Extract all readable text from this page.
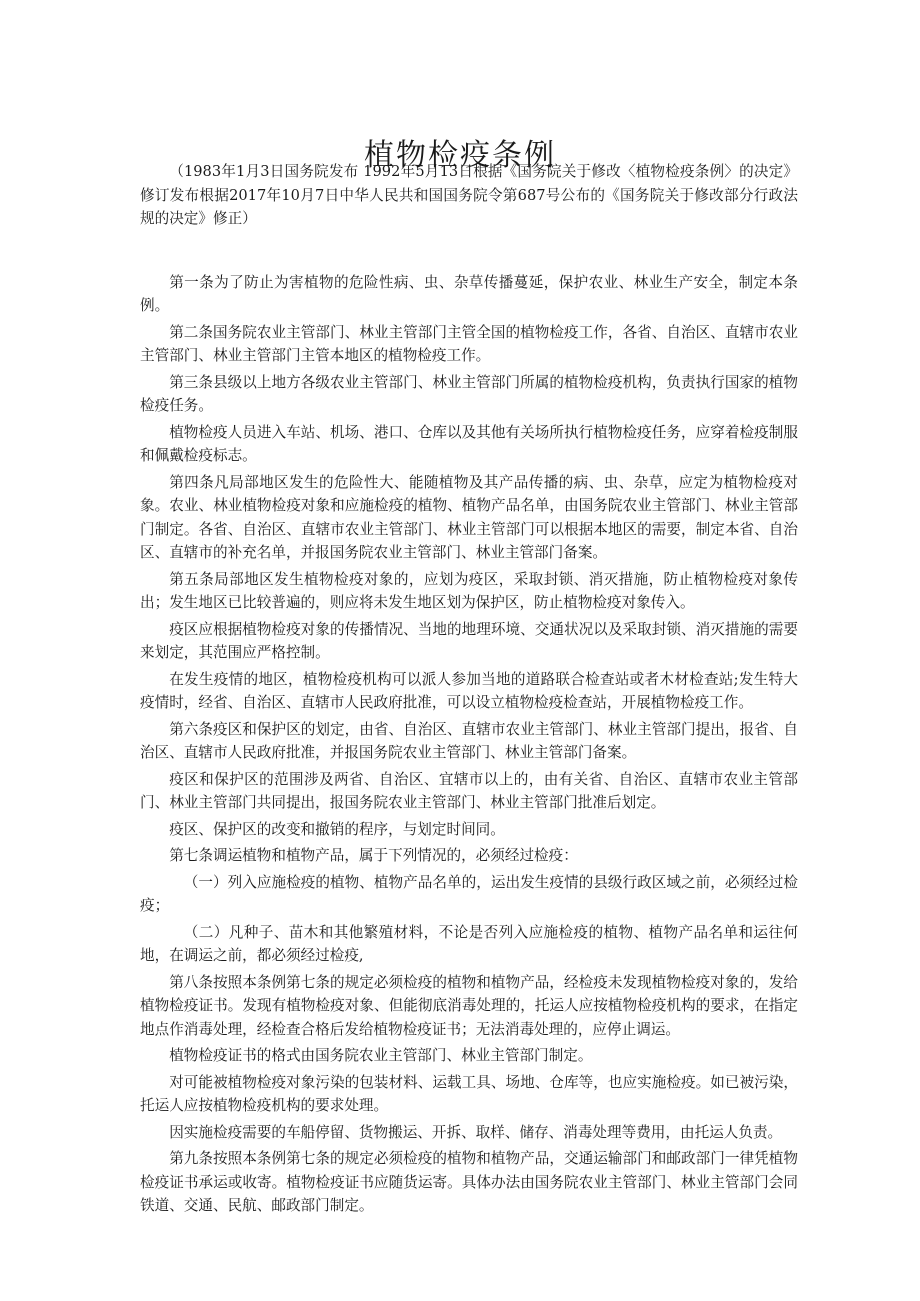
植物检疫条例

（1983年1月3日国务院发布 1992年5月13日根据《国务院关于修改〈植物检疫条例〉的决定》修订发布根据2017年10月7日中华人民共和国国务院令第687号公布的《国务院关于修改部分行政法规的决定》修正）

第一条为了防止为害植物的危险性病、虫、杂草传播蔓延，保护农业、林业生产安全，制定本条例。

第二条国务院农业主管部门、林业主管部门主管全国的植物检疫工作，各省、自治区、直辖市农业主管部门、林业主管部门主管本地区的植物检疫工作。

第三条县级以上地方各级农业主管部门、林业主管部门所属的植物检疫机构，负责执行国家的植物检疫任务。

植物检疫人员进入车站、机场、港口、仓库以及其他有关场所执行植物检疫任务，应穿着检疫制服和佩戴检疫标志。

第四条凡局部地区发生的危险性大、能随植物及其产品传播的病、虫、杂草，应定为植物检疫对象。农业、林业植物检疫对象和应施检疫的植物、植物产品名单，由国务院农业主管部门、林业主管部门制定。各省、自治区、直辖市农业主管部门、林业主管部门可以根据本地区的需要，制定本省、自治区、直辖市的补充名单，并报国务院农业主管部门、林业主管部门备案。

第五条局部地区发生植物检疫对象的，应划为疫区，采取封锁、消灭措施，防止植物检疫对象传出；发生地区已比较普遍的，则应将未发生地区划为保护区，防止植物检疫对象传入。

疫区应根据植物检疫对象的传播情况、当地的地理环境、交通状况以及采取封锁、消灭措施的需要来划定，其范围应严格控制。

在发生疫情的地区，植物检疫机构可以派人参加当地的道路联合检查站或者木材检查站;发生特大疫情时，经省、自治区、直辖市人民政府批准，可以设立植物检疫检查站，开展植物检疫工作。

第六条疫区和保护区的划定，由省、自治区、直辖市农业主管部门、林业主管部门提出，报省、自治区、直辖市人民政府批准，并报国务院农业主管部门、林业主管部门备案。

疫区和保护区的范围涉及两省、自治区、宜辖市以上的，由有关省、自治区、直辖市农业主管部门、林业主管部门共同提出，报国务院农业主管部门、林业主管部门批准后划定。

疫区、保护区的改变和撤销的程序，与划定时间同。

第七条调运植物和植物产品，属于下列情况的，必须经过检疫：

（一）列入应施检疫的植物、植物产品名单的，运出发生疫情的县级行政区域之前，必须经过检疫；

（二）凡种子、苗木和其他繁殖材料，不论是否列入应施检疫的植物、植物产品名单和运往何地，在调运之前，都必须经过检疫,

第八条按照本条例第七条的规定必须检疫的植物和植物产品，经检疫未发现植物检疫对象的，发给植物检疫证书。发现有植物检疫对象、但能彻底消毒处理的，托运人应按植物检疫机构的要求，在指定地点作消毒处理，经检查合格后发给植物检疫证书；无法消毒处理的，应停止调运。

植物检疫证书的格式由国务院农业主管部门、林业主管部门制定。

对可能被植物检疫对象污染的包装材料、运载工具、场地、仓库等，也应实施检疫。如已被污染，托运人应按植物检疫机构的要求处理。

因实施检疫需要的车船停留、货物搬运、开拆、取样、储存、消毒处理等费用，由托运人负责。

第九条按照本条例第七条的规定必须检疫的植物和植物产品，交通运输部门和邮政部门一律凭植物检疫证书承运或收寄。植物检疫证书应随货运寄。具体办法由国务院农业主管部门、林业主管部门会同铁道、交通、民航、邮政部门制定。
